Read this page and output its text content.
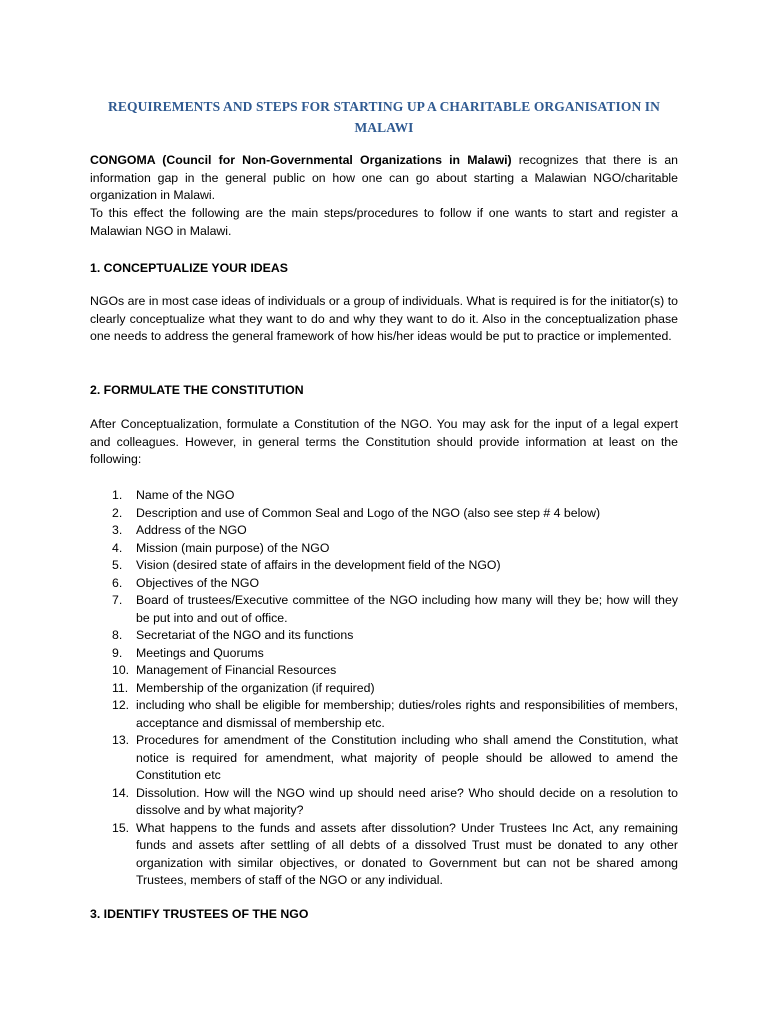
REQUIREMENTS AND STEPS FOR STARTING UP A CHARITABLE ORGANISATION IN MALAWI
CONGOMA (Council for Non-Governmental Organizations in Malawi) recognizes that there is an information gap in the general public on how one can go about starting a Malawian NGO/charitable organization in Malawi.
To this effect the following are the main steps/procedures to follow if one wants to start and register a Malawian NGO in Malawi.
1. CONCEPTUALIZE YOUR IDEAS
NGOs are in most case ideas of individuals or a group of individuals. What is required is for the initiator(s) to clearly conceptualize what they want to do and why they want to do it. Also in the conceptualization phase one needs to address the general framework of how his/her ideas would be put to practice or implemented.
2. FORMULATE THE CONSTITUTION
After Conceptualization, formulate a Constitution of the NGO. You may ask for the input of a legal expert and colleagues. However, in general terms the Constitution should provide information at least on the following:
1.	Name of the NGO
2.	Description and use of Common Seal and Logo of the NGO (also see step # 4 below)
3.	Address of the NGO
4.	Mission (main purpose) of the NGO
5.	Vision (desired state of affairs in the development field of the NGO)
6.	Objectives of the NGO
7.	Board of trustees/Executive committee of the NGO including how many will they be; how will they be put into and out of office.
8.	Secretariat of the NGO and its functions
9.	Meetings and Quorums
10. Management of Financial Resources
11. Membership of the organization (if required)
12. including who shall be eligible for membership; duties/roles rights and responsibilities of members, acceptance and dismissal of membership etc.
13. Procedures for amendment of the Constitution including who shall amend the Constitution, what notice is required for amendment, what majority of people should be allowed to amend the Constitution etc
14. Dissolution. How will the NGO wind up should need arise? Who should decide on a resolution to dissolve and by what majority?
15. What happens to the funds and assets after dissolution? Under Trustees Inc Act, any remaining funds and assets after settling of all debts of a dissolved Trust must be donated to any other organization with similar objectives, or donated to Government but can not be shared among Trustees, members of staff of the NGO or any individual.
3. IDENTIFY TRUSTEES OF THE NGO
